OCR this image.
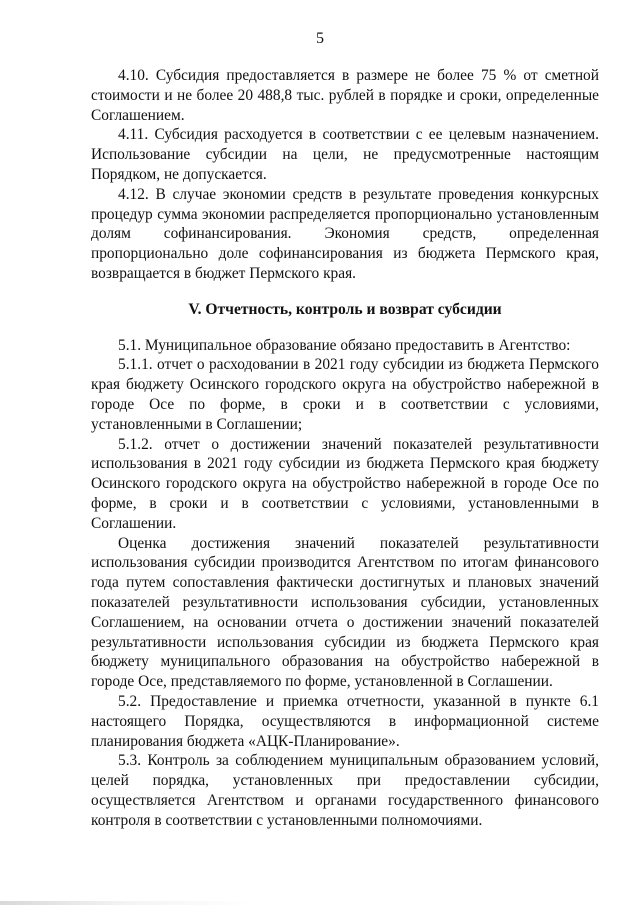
5

4.10. Субсидия предоставляется в размере не более 75 % от сметной стоимости и не более 20 488,8 тыс. рублей в порядке и сроки, определенные Соглашением.

4.11. Субсидия расходуется в соответствии с ее целевым назначением. Использование субсидии на цели, не предусмотренные настоящим Порядком, не допускается.

4.12. В случае экономии средств в результате проведения конкурсных процедур сумма экономии распределяется пропорционально установленным долям софинансирования. Экономия средств, определенная пропорционально доле софинансирования из бюджета Пермского края, возвращается в бюджет Пермского края.

V. Отчетность, контроль и возврат субсидии

5.1. Муниципальное образование обязано предоставить в Агентство:

5.1.1. отчет о расходовании в 2021 году субсидии из бюджета Пермского края бюджету Осинского городского округа на обустройство набережной в городе Осе по форме, в сроки и в соответствии с условиями, установленными в Соглашении;

5.1.2. отчет о достижении значений показателей результативности использования в 2021 году субсидии из бюджета Пермского края бюджету Осинского городского округа на обустройство набережной в городе Осе по форме, в сроки и в соответствии с условиями, установленными в Соглашении.

Оценка достижения значений показателей результативности использования субсидии производится Агентством по итогам финансового года путем сопоставления фактически достигнутых и плановых значений показателей результативности использования субсидии, установленных Соглашением, на основании отчета о достижении значений показателей результативности использования субсидии из бюджета Пермского края бюджету муниципального образования на обустройство набережной в городе Осе, представляемого по форме, установленной в Соглашении.

5.2. Предоставление и приемка отчетности, указанной в пункте 6.1 настоящего Порядка, осуществляются в информационной системе планирования бюджета «АЦК-Планирование».

5.3. Контроль за соблюдением муниципальным образованием условий, целей порядка, установленных при предоставлении субсидии, осуществляется Агентством и органами государственного финансового контроля в соответствии с установленными полномочиями.
